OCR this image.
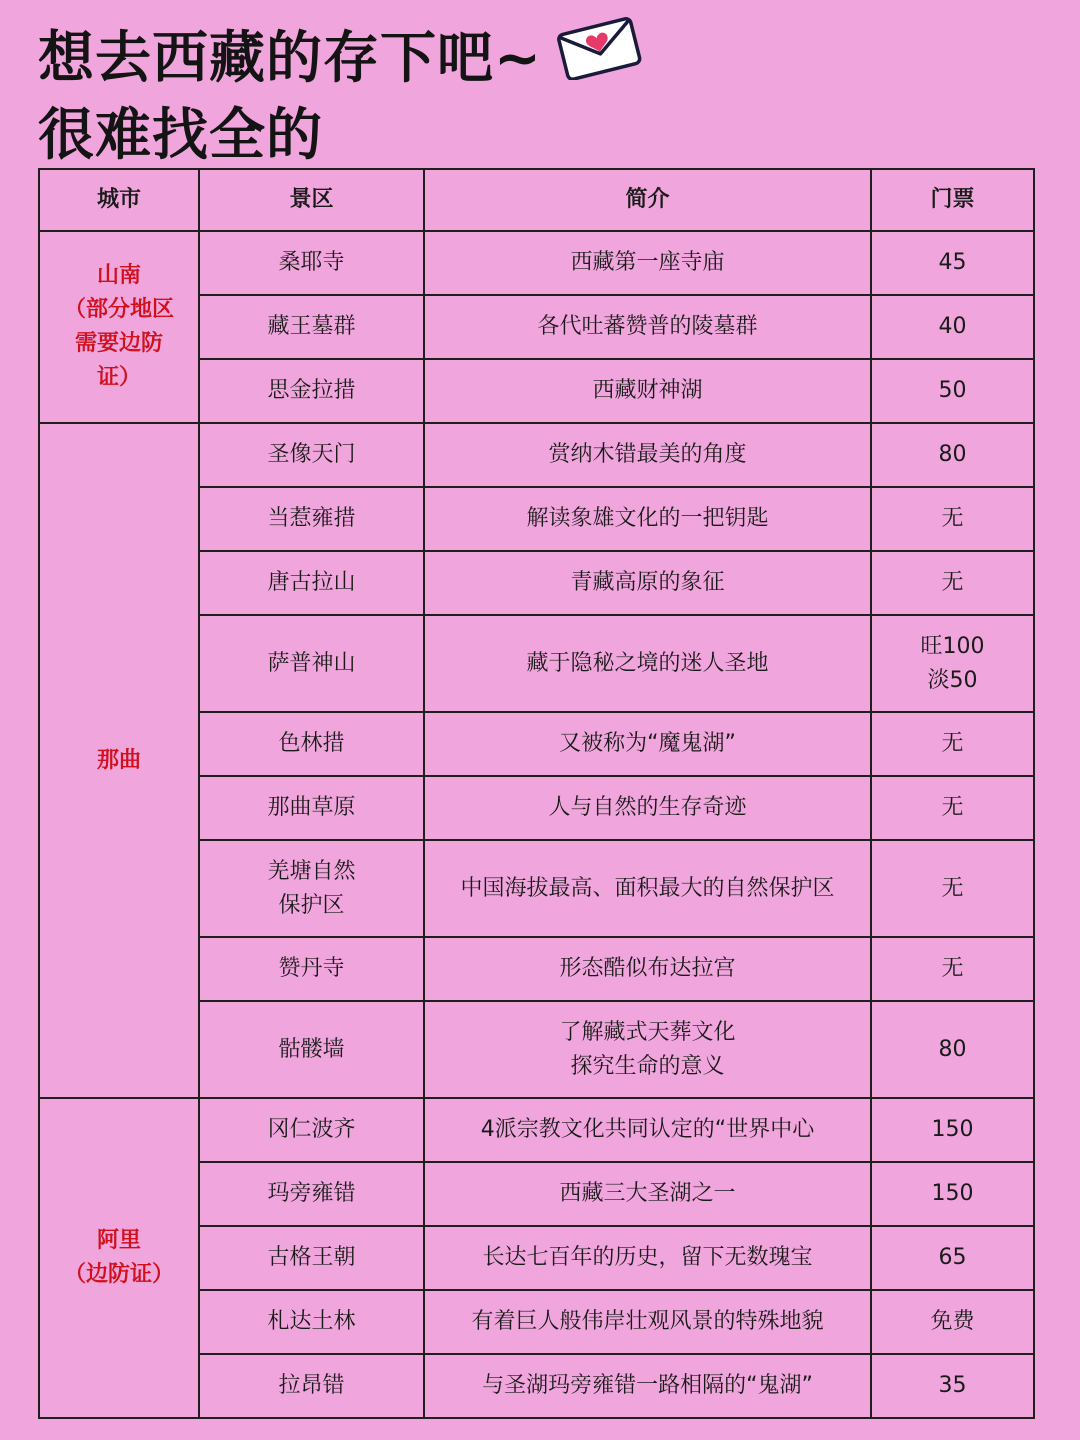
想去西藏的存下吧~
很难找全的
城市	景区	简介	门票
山南
（部分地区
需要边防
证）	桑耶寺	西藏第一座寺庙	45
	藏王墓群	各代吐蕃赞普的陵墓群	40
	思金拉措	西藏财神湖	50
那曲	圣像天门	赏纳木错最美的角度	80
	当惹雍措	解读象雄文化的一把钥匙	无
	唐古拉山	青藏高原的象征	无
	萨普神山	藏于隐秘之境的迷人圣地	旺100
淡50
	色林措	又被称为“魔鬼湖”	无
	那曲草原	人与自然的生存奇迹	无
	羌塘自然
保护区	中国海拔最高、面积最大的自然保护区	无
	赞丹寺	形态酷似布达拉宫	无
	骷髅墙	了解藏式天葬文化
探究生命的意义	80
阿里
（边防证）	冈仁波齐	4派宗教文化共同认定的“世界中心	150
	玛旁雍错	西藏三大圣湖之一	150
	古格王朝	长达七百年的历史，留下无数瑰宝	65
	札达土林	有着巨人般伟岸壮观风景的特殊地貌	免费
	拉昂错	与圣湖玛旁雍错一路相隔的“鬼湖”	35
